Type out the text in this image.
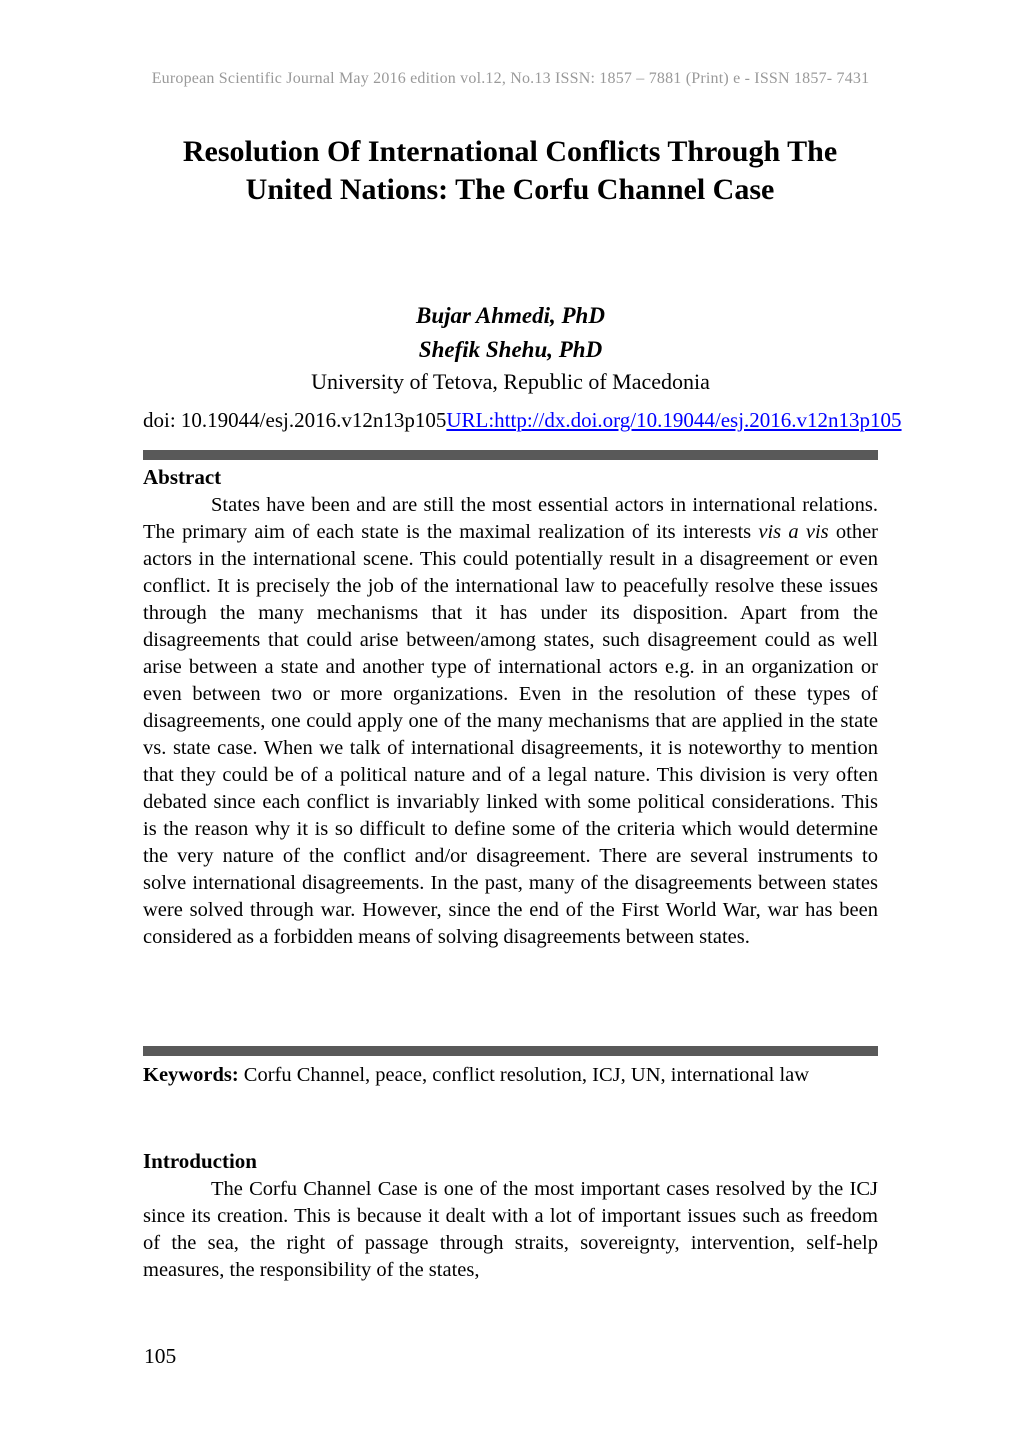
European Scientific Journal May 2016 edition vol.12, No.13 ISSN: 1857 – 7881 (Print) e - ISSN 1857- 7431
Resolution Of International Conflicts Through The United Nations: The Corfu Channel Case
Bujar Ahmedi, PhD
Shefik Shehu, PhD
University of Tetova, Republic of Macedonia
doi: 10.19044/esj.2016.v12n13p105 URL:http://dx.doi.org/10.19044/esj.2016.v12n13p105
Abstract

States have been and are still the most essential actors in international relations. The primary aim of each state is the maximal realization of its interests vis a vis other actors in the international scene. This could potentially result in a disagreement or even conflict. It is precisely the job of the international law to peacefully resolve these issues through the many mechanisms that it has under its disposition. Apart from the disagreements that could arise between/among states, such disagreement could as well arise between a state and another type of international actors e.g. in an organization or even between two or more organizations. Even in the resolution of these types of disagreements, one could apply one of the many mechanisms that are applied in the state vs. state case. When we talk of international disagreements, it is noteworthy to mention that they could be of a political nature and of a legal nature. This division is very often debated since each conflict is invariably linked with some political considerations. This is the reason why it is so difficult to define some of the criteria which would determine the very nature of the conflict and/or disagreement. There are several instruments to solve international disagreements. In the past, many of the disagreements between states were solved through war. However, since the end of the First World War, war has been considered as a forbidden means of solving disagreements between states.

Keywords: Corfu Channel, peace, conflict resolution, ICJ, UN, international law

Introduction

The Corfu Channel Case is one of the most important cases resolved by the ICJ since its creation. This is because it dealt with a lot of important issues such as freedom of the sea, the right of passage through straits, sovereignty, intervention, self-help measures, the responsibility of the states,

105
